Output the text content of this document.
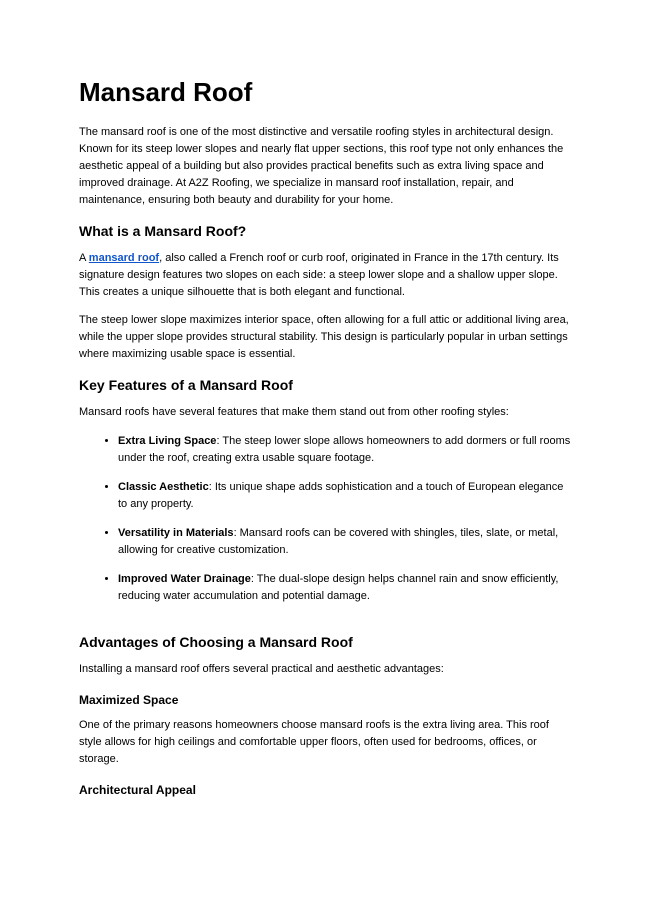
Mansard Roof

The mansard roof is one of the most distinctive and versatile roofing styles in architectural design. Known for its steep lower slopes and nearly flat upper sections, this roof type not only enhances the aesthetic appeal of a building but also provides practical benefits such as extra living space and improved drainage. At A2Z Roofing, we specialize in mansard roof installation, repair, and maintenance, ensuring both beauty and durability for your home.

What is a Mansard Roof?

A mansard roof, also called a French roof or curb roof, originated in France in the 17th century. Its signature design features two slopes on each side: a steep lower slope and a shallow upper slope. This creates a unique silhouette that is both elegant and functional.

The steep lower slope maximizes interior space, often allowing for a full attic or additional living area, while the upper slope provides structural stability. This design is particularly popular in urban settings where maximizing usable space is essential.

Key Features of a Mansard Roof

Mansard roofs have several features that make them stand out from other roofing styles:

• Extra Living Space: The steep lower slope allows homeowners to add dormers or full rooms under the roof, creating extra usable square footage.
• Classic Aesthetic: Its unique shape adds sophistication and a touch of European elegance to any property.
• Versatility in Materials: Mansard roofs can be covered with shingles, tiles, slate, or metal, allowing for creative customization.
• Improved Water Drainage: The dual-slope design helps channel rain and snow efficiently, reducing water accumulation and potential damage.
Advantages of Choosing a Mansard Roof

Installing a mansard roof offers several practical and aesthetic advantages:

Maximized Space

One of the primary reasons homeowners choose mansard roofs is the extra living area. This roof style allows for high ceilings and comfortable upper floors, often used for bedrooms, offices, or storage.

Architectural Appeal
